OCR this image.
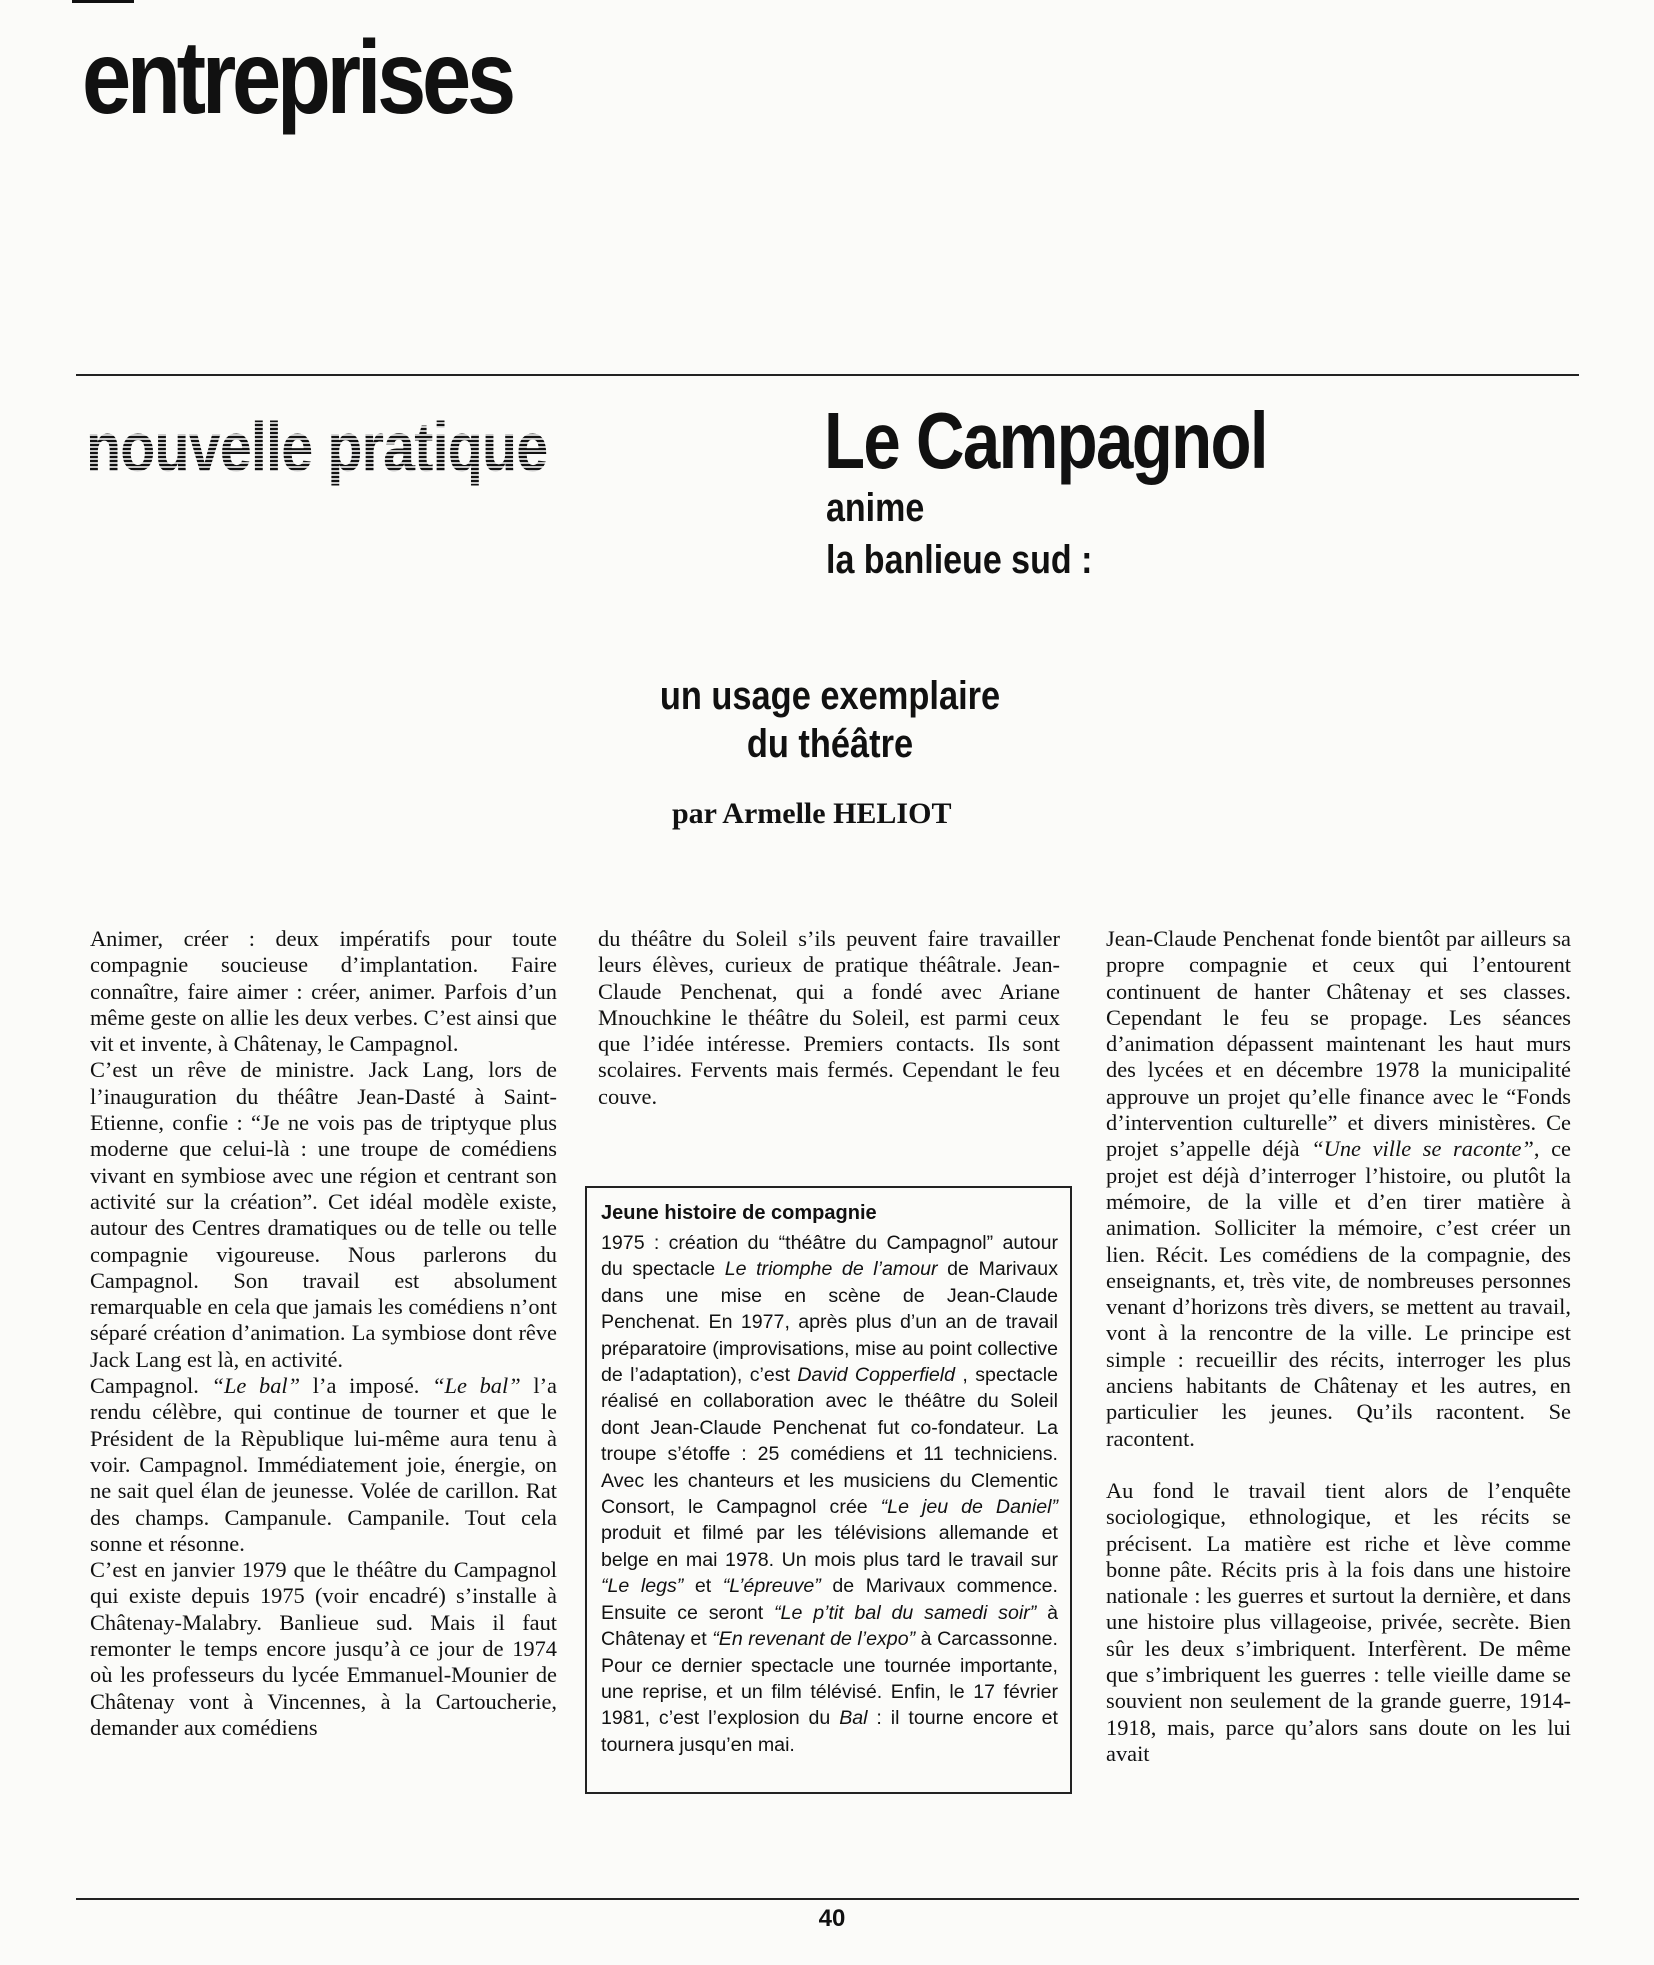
entreprises
nouvelle pratique	Le Campagnol
anime
la banlieue sud :
un usage exemplaire
du théâtre

par Armelle HELIOT

Animer, créer : deux impératifs pour toute compagnie soucieuse d’implantation. Faire connaître, faire aimer : créer, animer. Parfois d’un même geste on allie les deux verbes. C’est ainsi que vit et invente, à Châtenay, le Campagnol.
C’est un rêve de ministre. Jack Lang, lors de l’inauguration du théâtre Jean-Dasté à Saint-Etienne, confie : “Je ne vois pas de triptyque plus moderne que celui-là : une troupe de comédiens vivant en symbiose avec une région et centrant son activité sur la création”. Cet idéal modèle existe, autour des Centres dramatiques ou de telle ou telle compagnie vigoureuse. Nous parlerons du Campagnol. Son travail est absolument remarquable en cela que jamais les comédiens n’ont séparé création d’animation. La symbiose dont rêve Jack Lang est là, en activité.
Campagnol. “Le bal” l’a imposé. “Le bal” l’a rendu célèbre, qui continue de tourner et que le Président de la Rèpublique lui-même aura tenu à voir. Campagnol. Immédiatement joie, énergie, on ne sait quel élan de jeunesse. Volée de carillon. Rat des champs. Campanule. Campanile. Tout cela sonne et résonne.
C’est en janvier 1979 que le théâtre du Campagnol qui existe depuis 1975 (voir encadré) s’installe à Châtenay-Malabry. Banlieue sud. Mais il faut remonter le temps encore jusqu’à ce jour de 1974 où les professeurs du lycée Emmanuel-Mounier de Châtenay vont à Vincennes, à la Cartoucherie, demander aux comédiens

du théâtre du Soleil s’ils peuvent faire travailler leurs élèves, curieux de pratique théâtrale. Jean-Claude Penchenat, qui a fondé avec Ariane Mnouchkine le théâtre du Soleil, est parmi ceux que l’idée intéresse. Premiers contacts. Ils sont scolaires. Fervents mais fermés. Cependant le feu couve.

Jeune histoire de compagnie

1975 : création du “théâtre du Campagnol” autour du spectacle Le triomphe de l’amour de Marivaux dans une mise en scène de Jean-Claude Penchenat. En 1977, après plus d’un an de travail préparatoire (improvisations, mise au point collective de l’adaptation), c’est David Copperfield , spectacle réalisé en collaboration avec le théâtre du Soleil dont Jean-Claude Penchenat fut co-fondateur. La troupe s’étoffe : 25 comédiens et 11 techniciens. Avec les chanteurs et les musiciens du Clementic Consort, le Campagnol crée “Le jeu de Daniel” produit et filmé par les télévisions allemande et belge en mai 1978. Un mois plus tard le travail sur “Le legs” et “L’épreuve” de Marivaux commence. Ensuite ce seront “Le p’tit bal du samedi soir” à Châtenay et “En revenant de l’expo” à Carcassonne. Pour ce dernier spectacle une tournée importante, une reprise, et un film télévisé. Enfin, le 17 février 1981, c’est l’explosion du Bal : il tourne encore et tournera jusqu’en mai.

Jean-Claude Penchenat fonde bientôt par ailleurs sa propre compagnie et ceux qui l’entourent continuent de hanter Châtenay et ses classes. Cependant le feu se propage. Les séances d’animation dépassent maintenant les haut murs des lycées et en décembre 1978 la municipalité approuve un projet qu’elle finance avec le “Fonds d’intervention culturelle” et divers ministères. Ce projet s’appelle déjà “Une ville se raconte”, ce projet est déjà d’interroger l’histoire, ou plutôt la mémoire, de la ville et d’en tirer matière à animation. Solliciter la mémoire, c’est créer un lien. Récit. Les comédiens de la compagnie, des enseignants, et, très vite, de nombreuses personnes venant d’horizons très divers, se mettent au travail, vont à la rencontre de la ville. Le principe est simple : recueillir des récits, interroger les plus anciens habitants de Châtenay et les autres, en particulier les jeunes. Qu’ils racontent. Se racontent.

Au fond le travail tient alors de l’enquête sociologique, ethnologique, et les récits se précisent. La matière est riche et lève comme bonne pâte. Récits pris à la fois dans une histoire nationale : les guerres et surtout la dernière, et dans une histoire plus villageoise, privée, secrète. Bien sûr les deux s’imbriquent. Interfèrent. De même que s’imbriquent les guerres : telle vieille dame se souvient non seulement de la grande guerre, 1914-1918, mais, parce qu’alors sans doute on les lui avait

40
